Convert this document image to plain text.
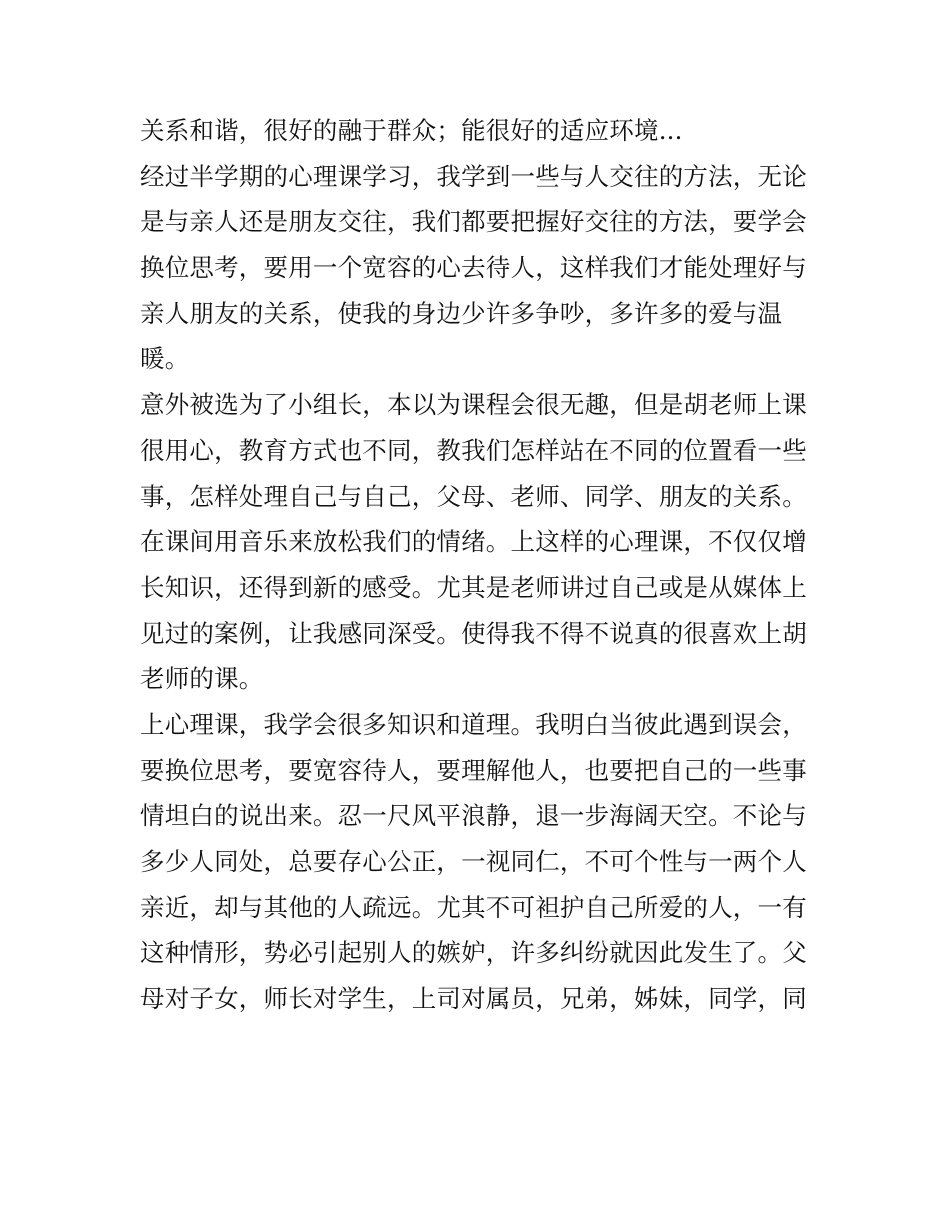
关系和谐，很好的融于群众；能很好的适应环境...
经过半学期的心理课学习，我学到一些与人交往的方法，无论
是与亲人还是朋友交往，我们都要把握好交往的方法，要学会
换位思考，要用一个宽容的心去待人，这样我们才能处理好与
亲人朋友的关系，使我的身边少许多争吵，多许多的爱与温
暖。
意外被选为了小组长，本以为课程会很无趣，但是胡老师上课
很用心，教育方式也不同，教我们怎样站在不同的位置看一些
事，怎样处理自己与自己，父母、老师、同学、朋友的关系。
在课间用音乐来放松我们的情绪。上这样的心理课，不仅仅增
长知识，还得到新的感受。尤其是老师讲过自己或是从媒体上
见过的案例，让我感同深受。使得我不得不说真的很喜欢上胡
老师的课。
上心理课，我学会很多知识和道理。我明白当彼此遇到误会，
要换位思考，要宽容待人，要理解他人，也要把自己的一些事
情坦白的说出来。忍一尺风平浪静，退一步海阔天空。不论与
多少人同处，总要存心公正，一视同仁，不可个性与一两个人
亲近，却与其他的人疏远。尤其不可袒护自己所爱的人，一有
这种情形，势必引起别人的嫉妒，许多纠纷就因此发生了。父
母对子女，师长对学生，上司对属员，兄弟，姊妹，同学，同
